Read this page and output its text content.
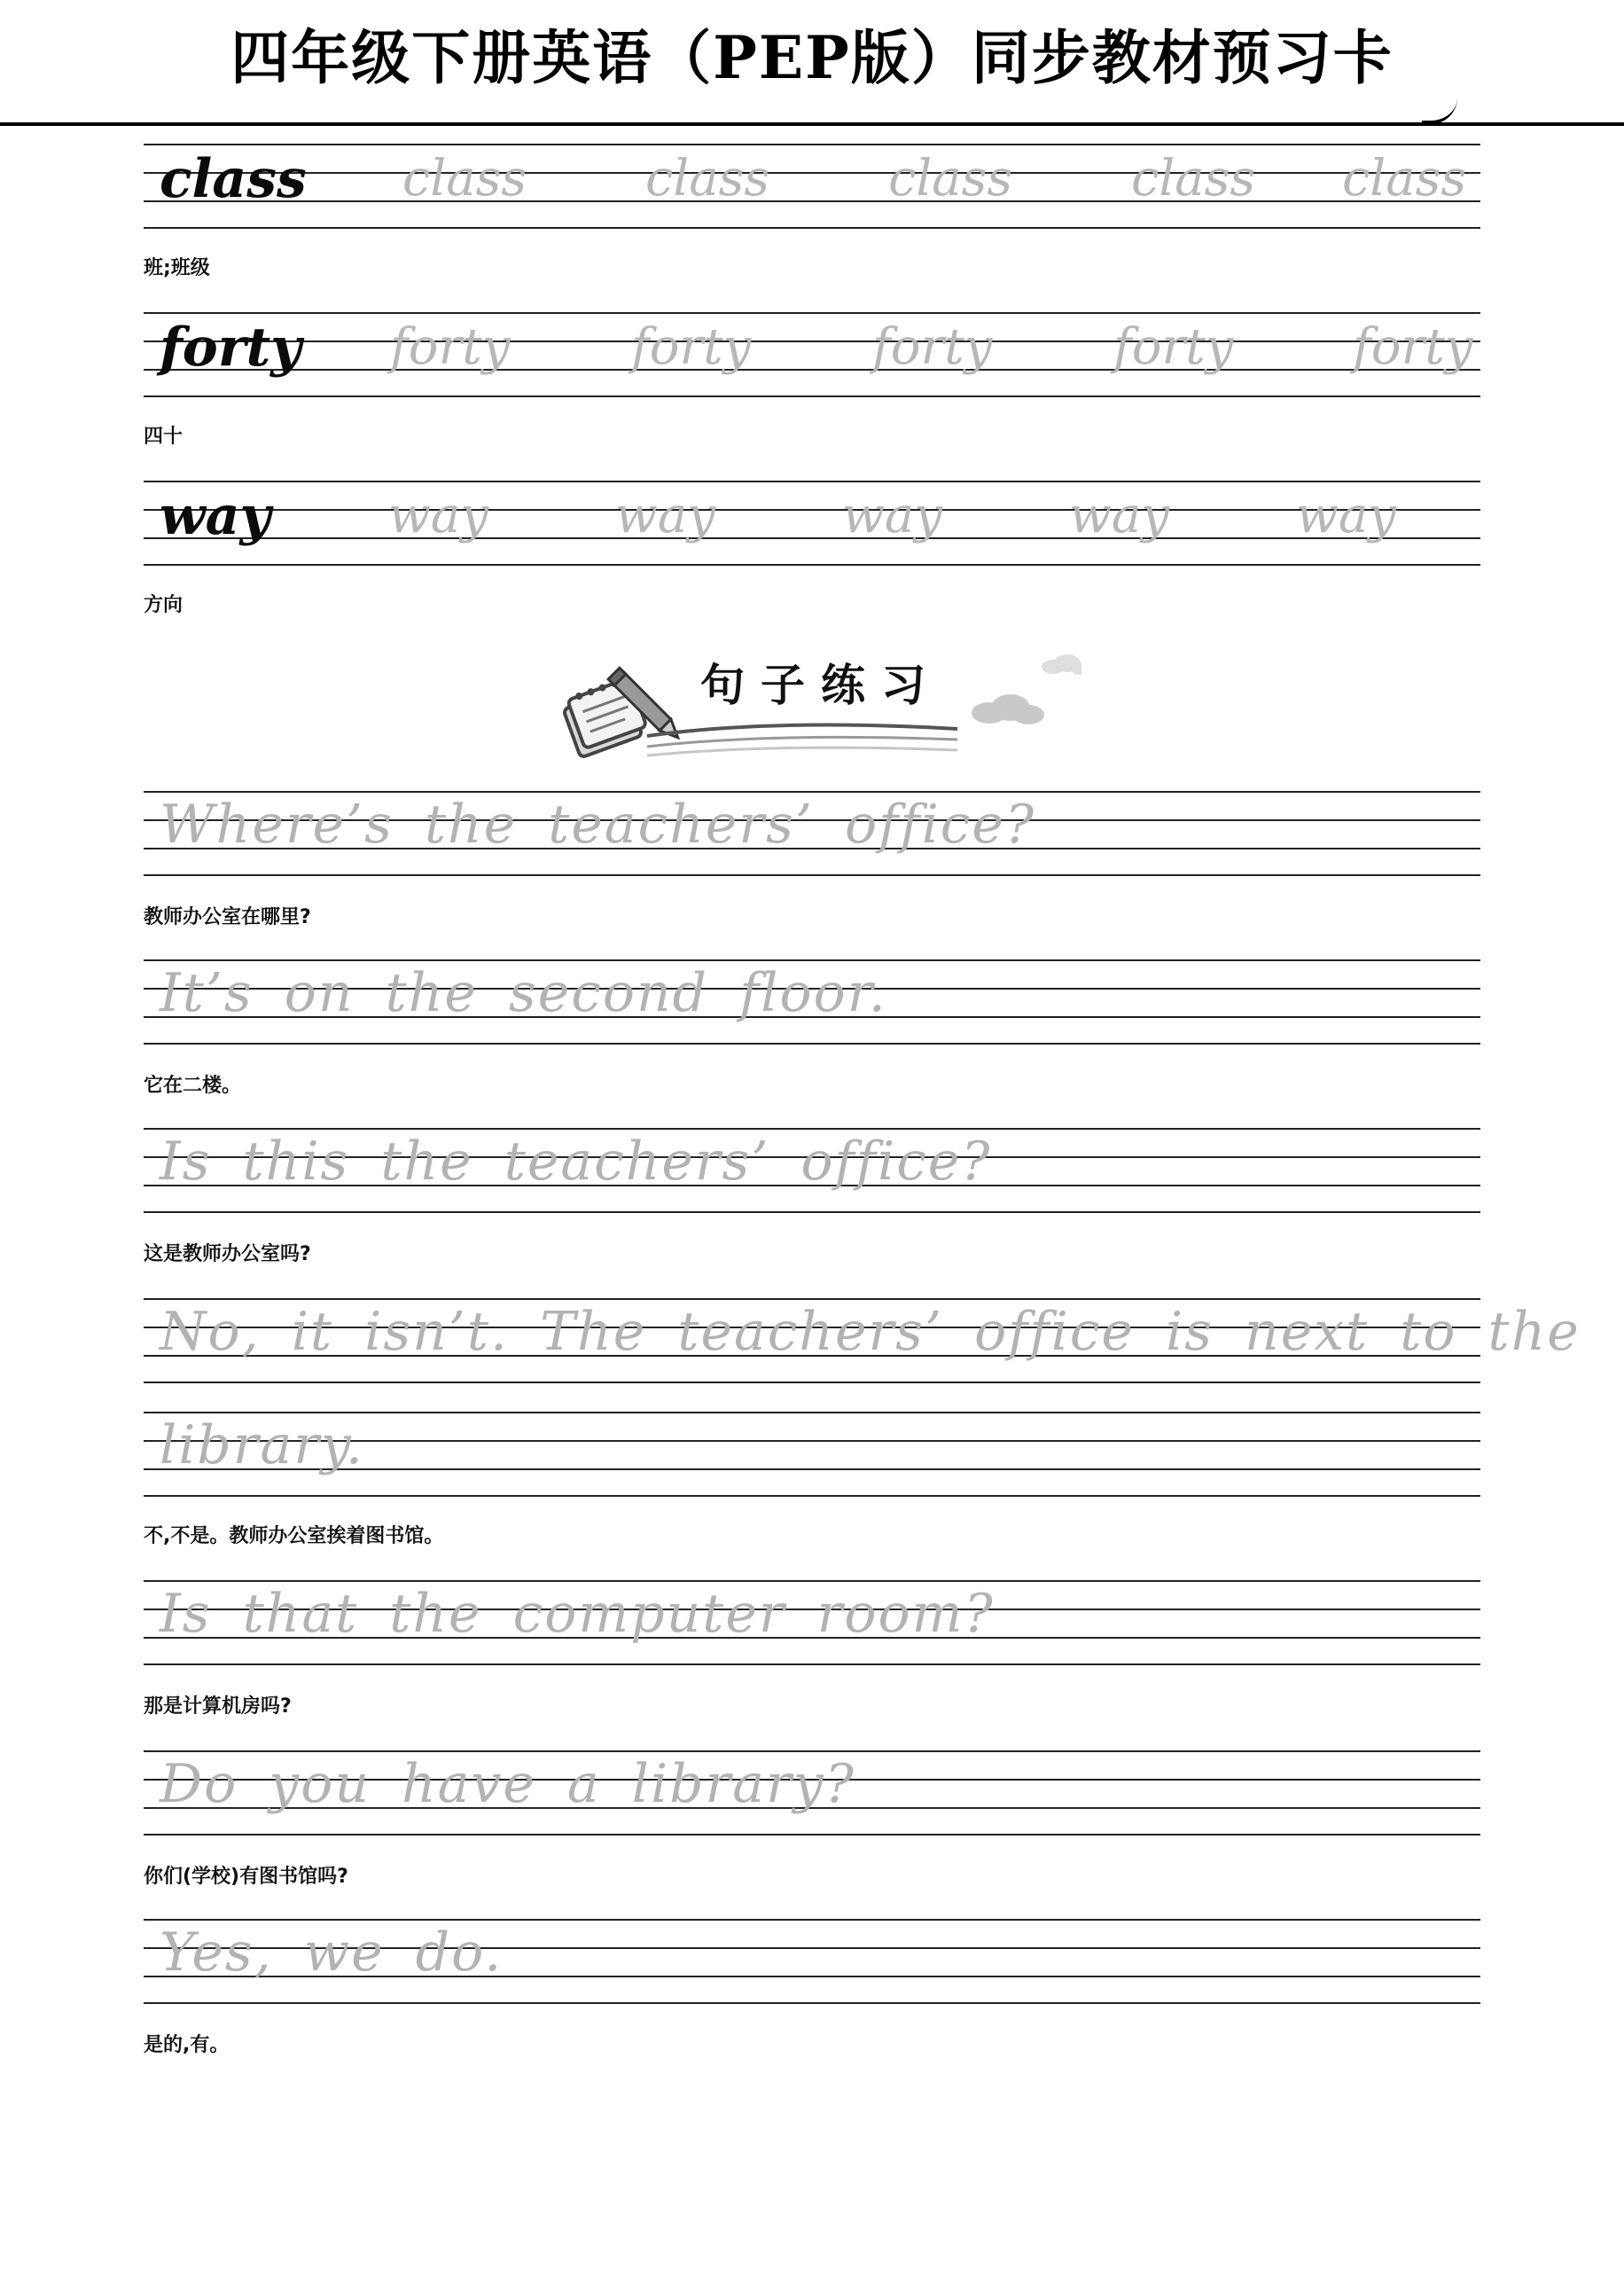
四年级下册英语（PEP版）同步教材预习卡
class class class class class class
班;班级
forty forty forty forty forty forty
四十
way way	way	way	way	way
方向
句子练习
Where’s the teachers’ office?
教师办公室在哪里?
It’s on the second floor.
它在二楼。
Is this the teachers’ office?
这是教师办公室吗?
No, it isn’t. The teachers’ office is next to the
library.
不,不是。教师办公室挨着图书馆。
Is that the computer room?
那是计算机房吗?
Do you have a library?
你们(学校)有图书馆吗?
Yes, we do.
是的,有。
